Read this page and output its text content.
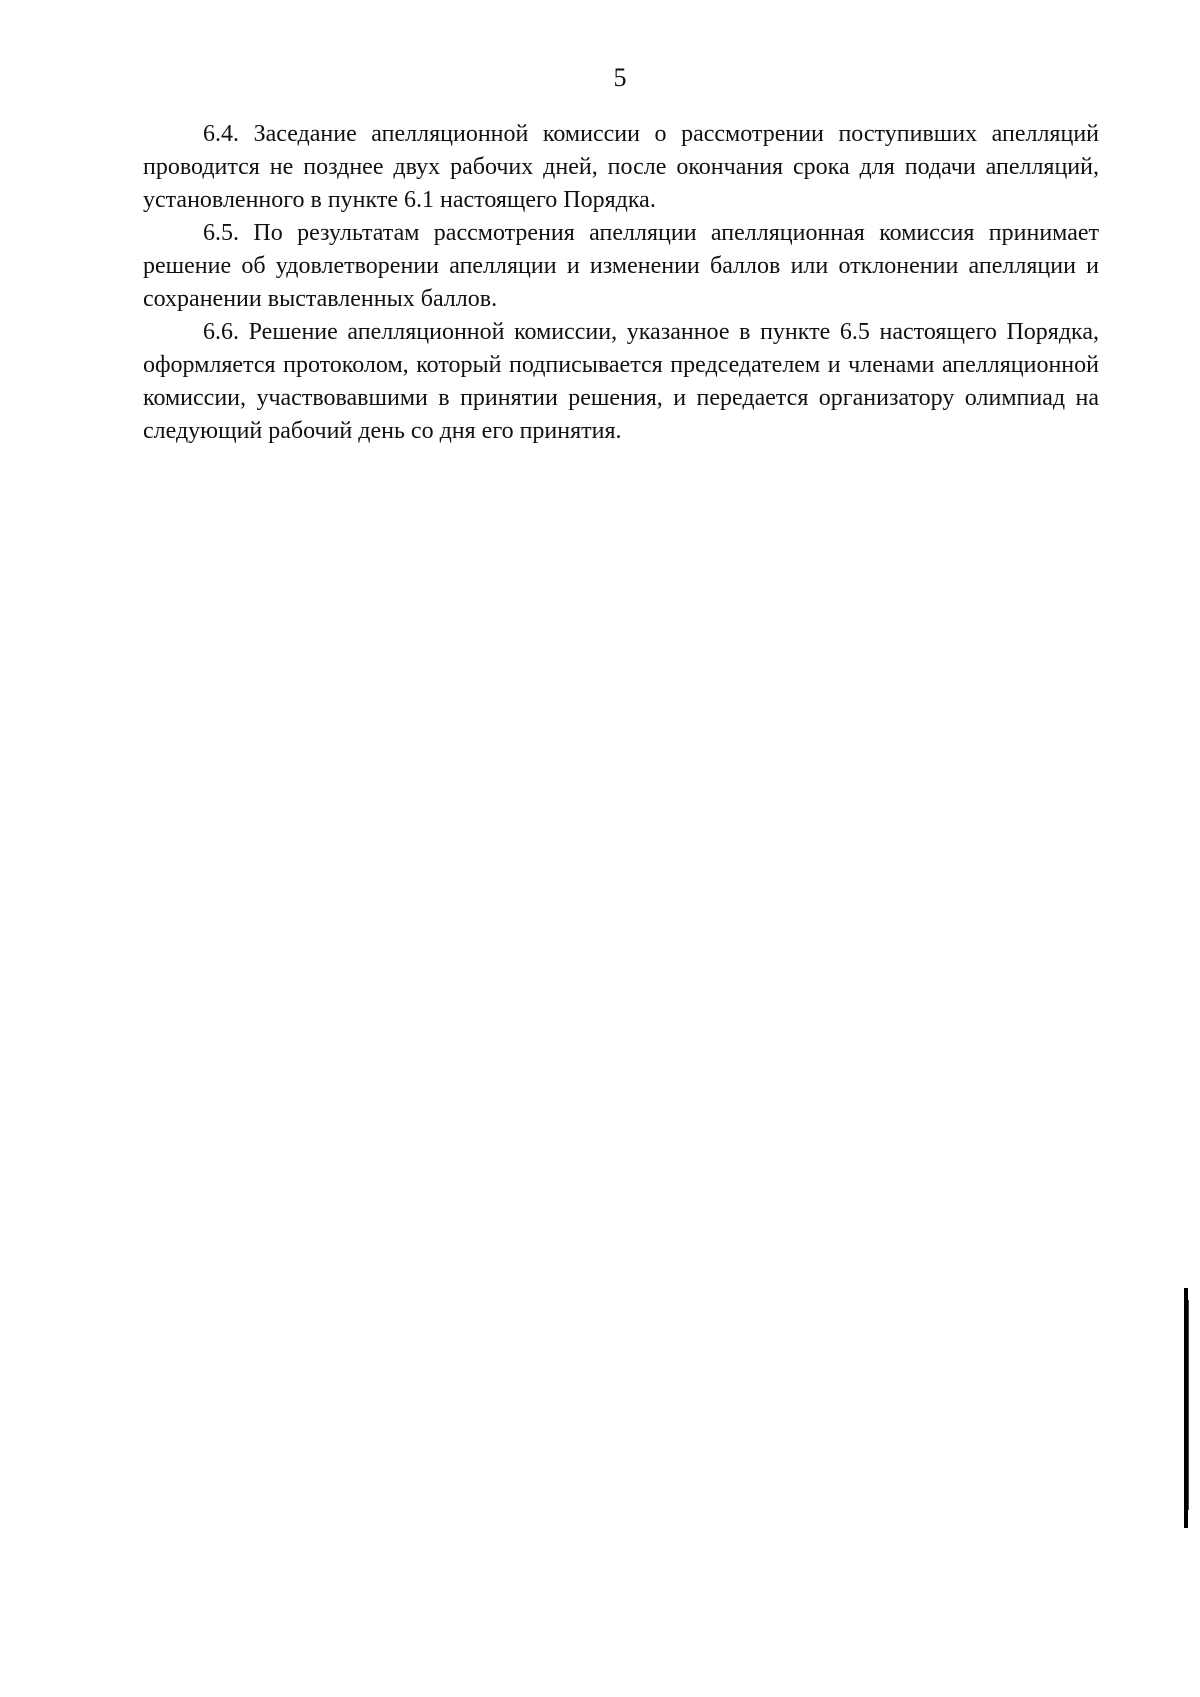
5

6.4. Заседание апелляционной комиссии о рассмотрении поступивших апелляций проводится не позднее двух рабочих дней, после окончания срока для подачи апелляций, установленного в пункте 6.1 настоящего Порядка.

6.5. По результатам рассмотрения апелляции апелляционная комиссия принимает решение об удовлетворении апелляции и изменении баллов или отклонении апелляции и сохранении выставленных баллов.

6.6. Решение апелляционной комиссии, указанное в пункте 6.5 настоящего Порядка, оформляется протоколом, который подписывается председателем и членами апелляционной комиссии, участвовавшими в принятии решения, и передается организатору олимпиад на следующий рабочий день со дня его принятия.
